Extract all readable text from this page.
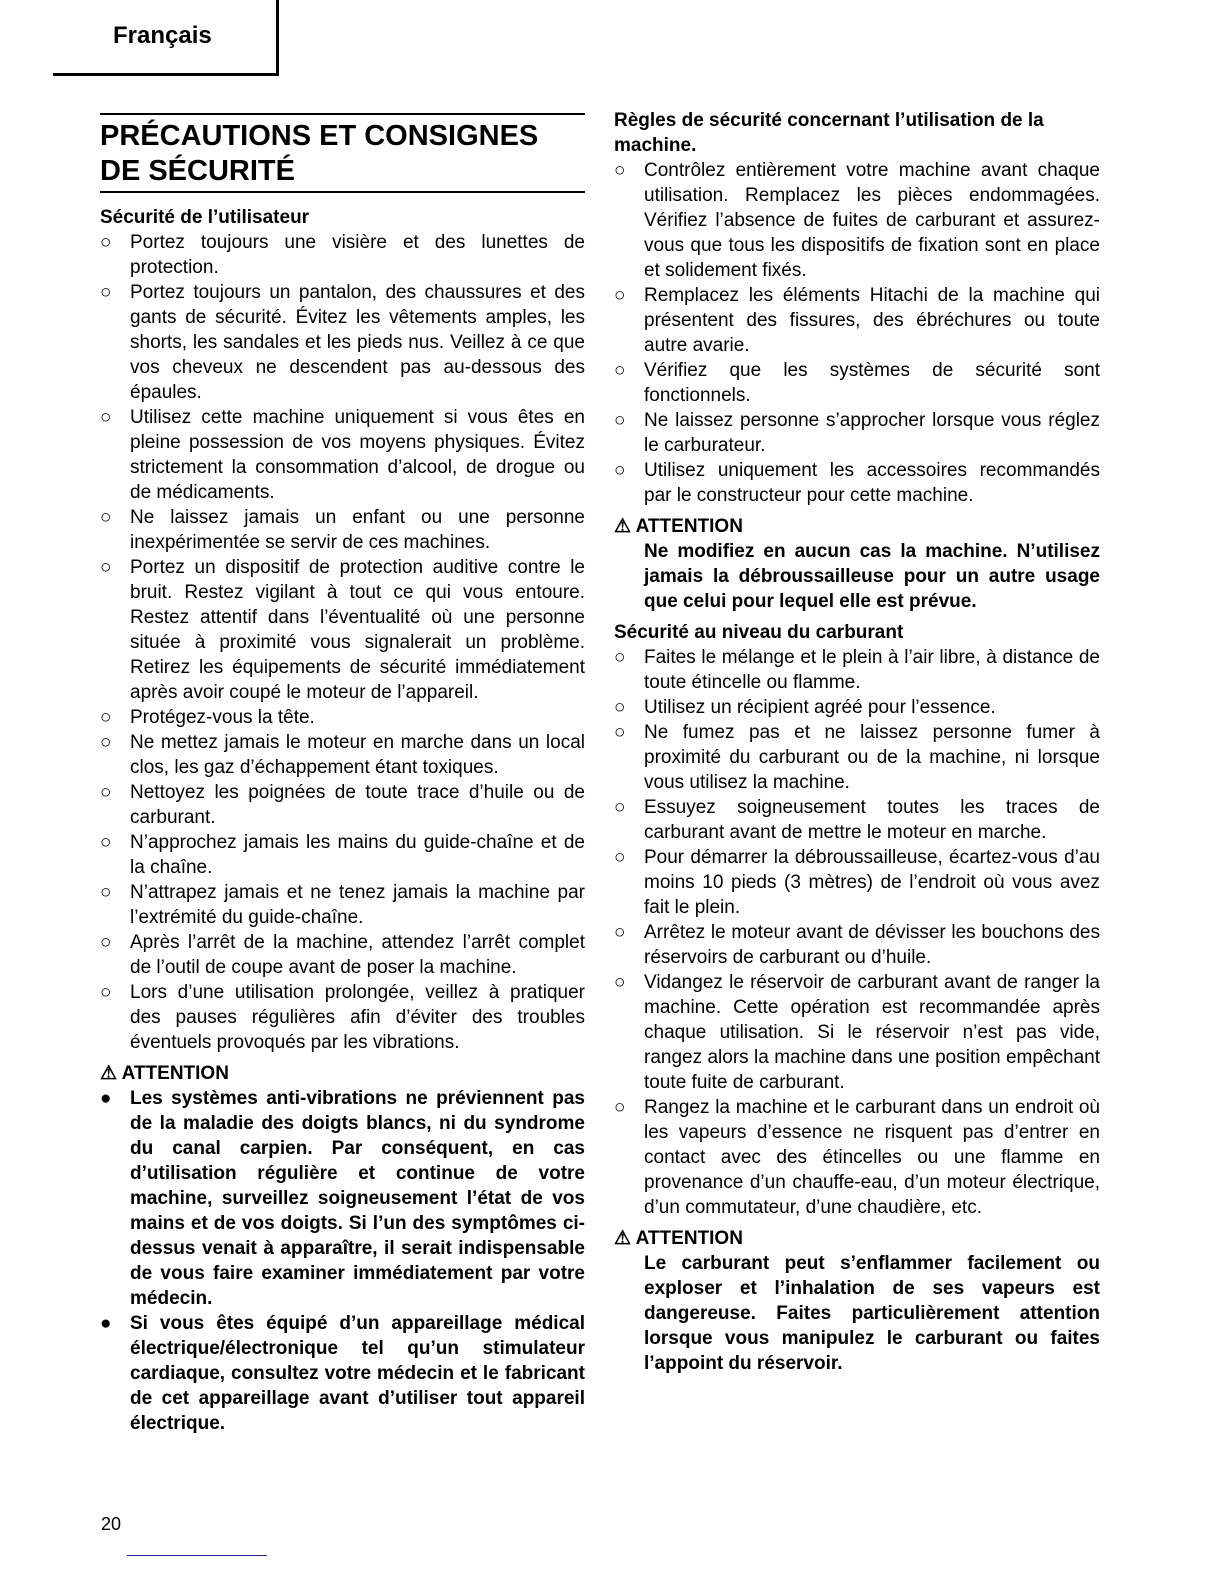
Français
PRÉCAUTIONS ET CONSIGNES DE SÉCURITÉ
Sécurité de l’utilisateur
○ Portez toujours une visière et des lunettes de protection.
○ Portez toujours un pantalon, des chaussures et des gants de sécurité. Évitez les vêtements amples, les shorts, les sandales et les pieds nus. Veillez à ce que vos cheveux ne descendent pas au-dessous des épaules.
○ Utilisez cette machine uniquement si vous êtes en pleine possession de vos moyens physiques. Évitez strictement la consommation d’alcool, de drogue ou de médicaments.
○ Ne laissez jamais un enfant ou une personne inexpérimentée se servir de ces machines.
○ Portez un dispositif de protection auditive contre le bruit. Restez vigilant à tout ce qui vous entoure. Restez attentif dans l’éventualité où une personne située à proximité vous signalerait un problème. Retirez les équipements de sécurité immédiatement après avoir coupé le moteur de l’appareil.
○ Protégez-vous la tête.
○ Ne mettez jamais le moteur en marche dans un local clos, les gaz d’échappement étant toxiques.
○ Nettoyez les poignées de toute trace d’huile ou de carburant.
○ N’approchez jamais les mains du guide-chaîne et de la chaîne.
○ N’attrapez jamais et ne tenez jamais la machine par l’extrémité du guide-chaîne.
○ Après l’arrêt de la machine, attendez l’arrêt complet de l’outil de coupe avant de poser la machine.
○ Lors d’une utilisation prolongée, veillez à pratiquer des pauses régulières afin d’éviter des troubles éventuels provoqués par les vibrations.
⚠ ATTENTION
● Les systèmes anti-vibrations ne préviennent pas de la maladie des doigts blancs, ni du syndrome du canal carpien. Par conséquent, en cas d’utilisation régulière et continue de votre machine, surveillez soigneusement l’état de vos mains et de vos doigts. Si l’un des symptômes ci-dessus venait à apparaître, il serait indispensable de vous faire examiner immédiatement par votre médecin.
● Si vous êtes équipé d’un appareillage médical électrique/électronique tel qu’un stimulateur cardiaque, consultez votre médecin et le fabricant de cet appareillage avant d’utiliser tout appareil électrique.
Règles de sécurité concernant l’utilisation de la machine.
○ Contrôlez entièrement votre machine avant chaque utilisation. Remplacez les pièces endommagées. Vérifiez l’absence de fuites de carburant et assurez-vous que tous les dispositifs de fixation sont en place et solidement fixés.
○ Remplacez les éléments Hitachi de la machine qui présentent des fissures, des ébréchures ou toute autre avarie.
○ Vérifiez que les systèmes de sécurité sont fonctionnels.
○ Ne laissez personne s’approcher lorsque vous réglez le carburateur.
○ Utilisez uniquement les accessoires recommandés par le constructeur pour cette machine.
⚠ ATTENTION
Ne modifiez en aucun cas la machine. N’utilisez jamais la débroussailleuse pour un autre usage que celui pour lequel elle est prévue.
Sécurité au niveau du carburant
○ Faites le mélange et le plein à l’air libre, à distance de toute étincelle ou flamme.
○ Utilisez un récipient agréé pour l’essence.
○ Ne fumez pas et ne laissez personne fumer à proximité du carburant ou de la machine, ni lorsque vous utilisez la machine.
○ Essuyez soigneusement toutes les traces de carburant avant de mettre le moteur en marche.
○ Pour démarrer la débroussailleuse, écartez-vous d’au moins 10 pieds (3 mètres) de l’endroit où vous avez fait le plein.
○ Arrêtez le moteur avant de dévisser les bouchons des réservoirs de carburant ou d’huile.
○ Vidangez le réservoir de carburant avant de ranger la machine. Cette opération est recommandée après chaque utilisation. Si le réservoir n’est pas vide, rangez alors la machine dans une position empêchant toute fuite de carburant.
○ Rangez la machine et le carburant dans un endroit où les vapeurs d’essence ne risquent pas d’entrer en contact avec des étincelles ou une flamme en provenance d’un chauffe-eau, d’un moteur électrique, d’un commutateur, d’une chaudière, etc.
⚠ ATTENTION
Le carburant peut s’enflammer facilement ou exploser et l’inhalation de ses vapeurs est dangereuse. Faites particulièrement attention lorsque vous manipulez le carburant ou faites l’appoint du réservoir.
20
